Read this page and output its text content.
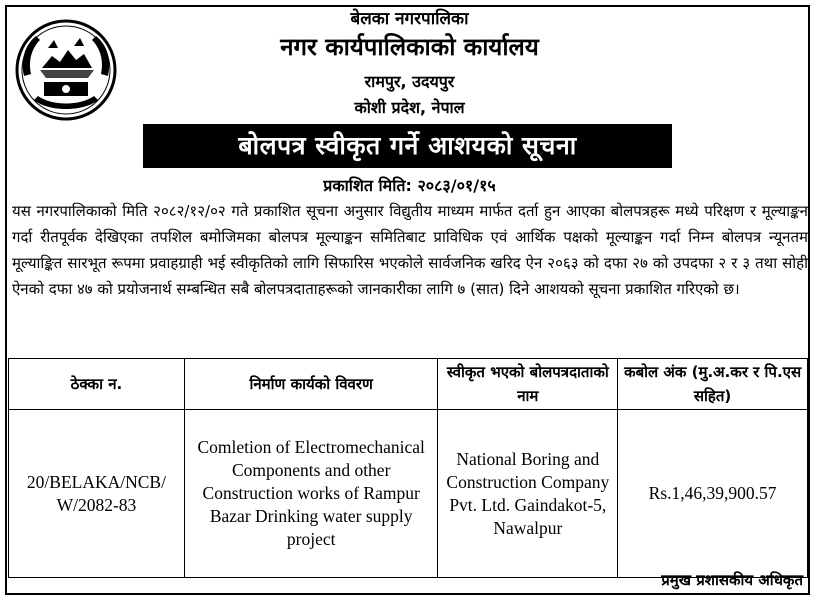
बेलका नगरपालिका
नगर कार्यपालिकाको कार्यालय
रामपुर, उदयपुर
कोशी प्रदेश, नेपाल
बोलपत्र स्वीकृत गर्ने आशयको सूचना
प्रकाशित मिति: २०८३/०१/१५
यस नगरपालिकाको मिति २०८२/१२/०२ गते प्रकाशित सूचना अनुसार विद्युतीय माध्यम मार्फत दर्ता हुन आएका बोलपत्रहरू मध्ये परिक्षण र मूल्याङ्कन गर्दा रीतपूर्वक देखिएका तपशिल बमोजिमका बोलपत्र मूल्याङ्कन समितिबाट प्राविधिक एवं आर्थिक पक्षको मूल्याङ्कन गर्दा निम्न बोलपत्र न्यूनतम मूल्याङ्कित सारभूत रूपमा प्रवाहग्राही भई स्वीकृतिको लागि सिफारिस भएकोले सार्वजनिक खरिद ऐन २०६३ को दफा २७ को उपदफा २ र ३ तथा सोही ऐनको दफा ४७ को प्रयोजनार्थ सम्बन्धित सबै बोलपत्रदाताहरूको जानकारीका लागि ७ (सात) दिने आशयको सूचना प्रकाशित गरिएको छ।
ठेक्का न.	निर्माण कार्यको विवरण	स्वीकृत भएको बोलपत्रदाताको नाम	कबोल अंक (मु.अ.कर र पि.एस सहित)
20/BELAKA/NCB/ W/2082-83	Comletion of Electromechanical Components and other Construction works of Rampur Bazar Drinking water supply project	National Boring and Construction Company Pvt. Ltd. Gaindakot-5, Nawalpur	Rs.1,46,39,900.57
प्रमुख प्रशासकीय अधिकृत
